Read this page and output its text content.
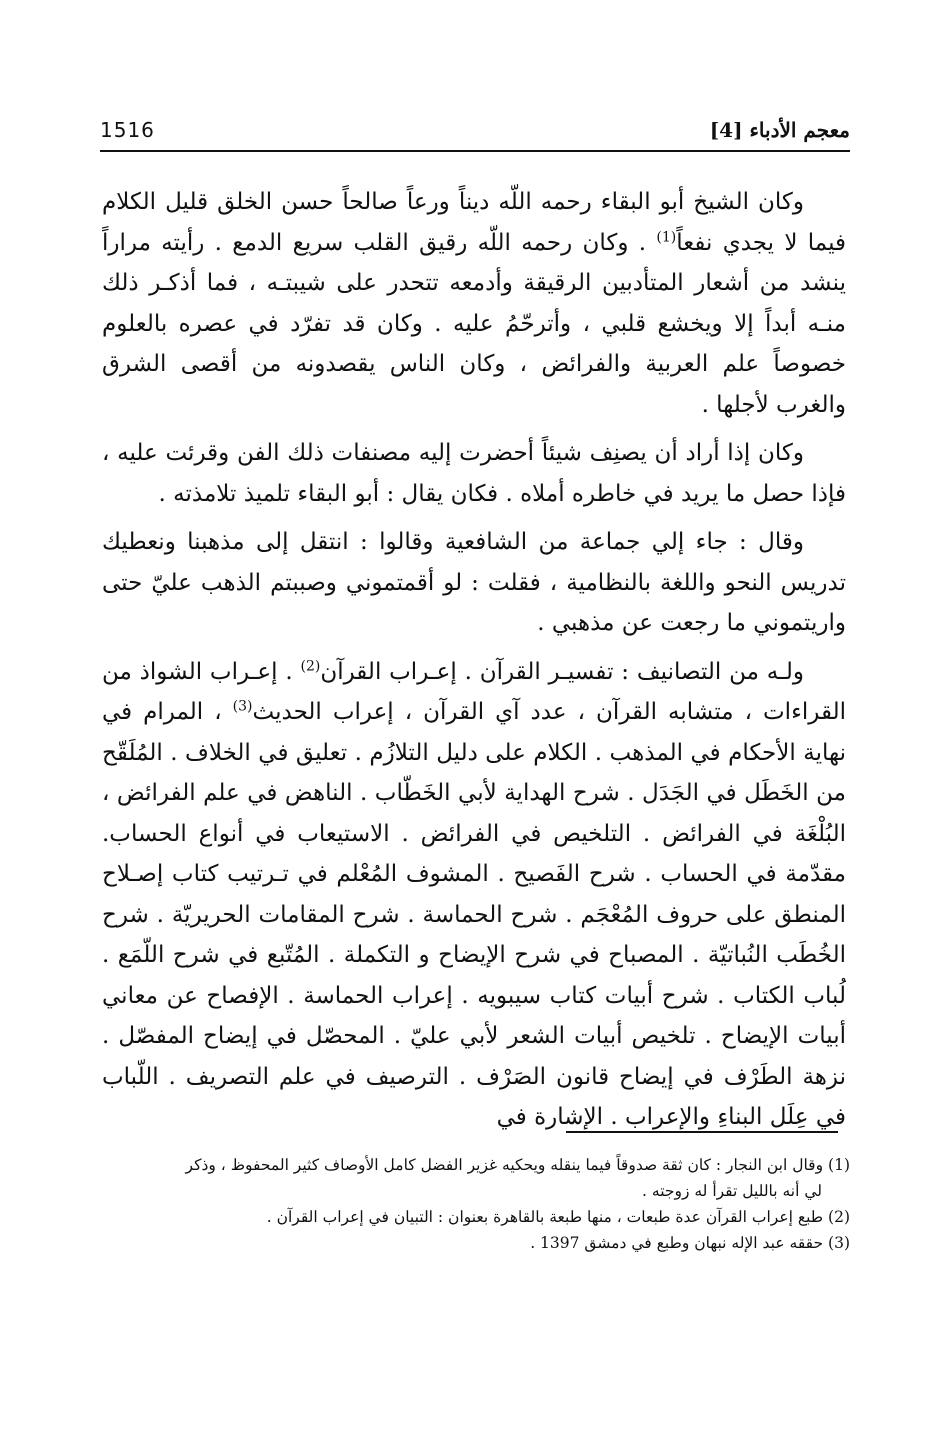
معجم الأدباء [4]
1516

وكان الشيخ أبو البقاء رحمه اللّه ديناً ورعاً صالحاً حسن الخلق قليل الكلام فيما لا يجدي نفعاً$^{(1)}$ . وكان رحمه اللّه رقيق القلب سريع الدمع . رأيته مراراً ينشد من أشعار المتأدبين الرقيقة وأدمعه تتحدر على شيبتـه ، فما أذكـر ذلك منـه أبداً إلا ويخشع قلبي ، وأترحّمُ عليه . وكان قد تفرّد في عصره بالعلوم خصوصاً علم العربية والفرائض ، وكان الناس يقصدونه من أقصى الشرق والغرب لأجلها .

وكان إذا أراد أن يصنِف شيئاً أحضرت إليه مصنفات ذلك الفن وقرئت عليه ، فإذا حصل ما يريد في خاطره أملاه . فكان يقال : أبو البقاء تلميذ تلامذته .

وقال : جاء إلي جماعة من الشافعية وقالوا : انتقل إلى مذهبنا ونعطيك تدريس النحو واللغة بالنظامية ، فقلت : لو أقمتموني وصببتم الذهب عليّ حتى واريتموني ما رجعت عن مذهبي .

ولـه من التصانيف : تفسيـر القرآن . إعـراب القرآن$^{(2)}$ . إعـراب الشواذ من القراءات ، متشابه القرآن ، عدد آي القرآن ، إعراب الحديث$^{(3)}$ ، المرام في نهاية الأحكام في المذهب . الكلام على دليل التلازُم . تعليق في الخلاف . المُلَقّح من الخَطَل في الجَدَل . شرح الهداية لأبي الخَطّاب . الناهض في علم الفرائض ، البُلْغَة في الفرائض . التلخيص في الفرائض . الاستيعاب في أنواع الحساب. مقدّمة في الحساب . شرح الفَصيح . المشوف المُعْلم في تـرتيب كتاب إصـلاح المنطق على حروف المُعْجَم . شرح الحماسة . شرح المقامات الحريريّة . شرح الخُطَب النُباتيّة . المصباح في شرح الإيضاح و التكملة . المُتّبع في شرح اللّمَع . لُباب الكتاب . شرح أبيات كتاب سيبويه . إعراب الحماسة . الإفصاح عن معاني أبيات الإيضاح . تلخيص أبيات الشعر لأبي عليّ . المحصّل في إيضاح المفصّل . نزهة الطَرْف في إيضاح قانون الصَرْف . الترصيف في علم التصريف . اللّباب في عِلَل البناءِ والإعراب . الإشارة في

(1) وقال ابن النجار : كان ثقة صدوقاً فيما ينقله ويحكيه غزير الفضل كامل الأوصاف كثير المحفوظ ، وذكر

لي أنه بالليل تقرأ له زوجته .

(2) طبع إعراب القرآن عدة طبعات ، منها طبعة بالقاهرة بعنوان : التبيان في إعراب القرآن .

(3) حققه عبد الإله نبهان وطبع في دمشق 1397 .
